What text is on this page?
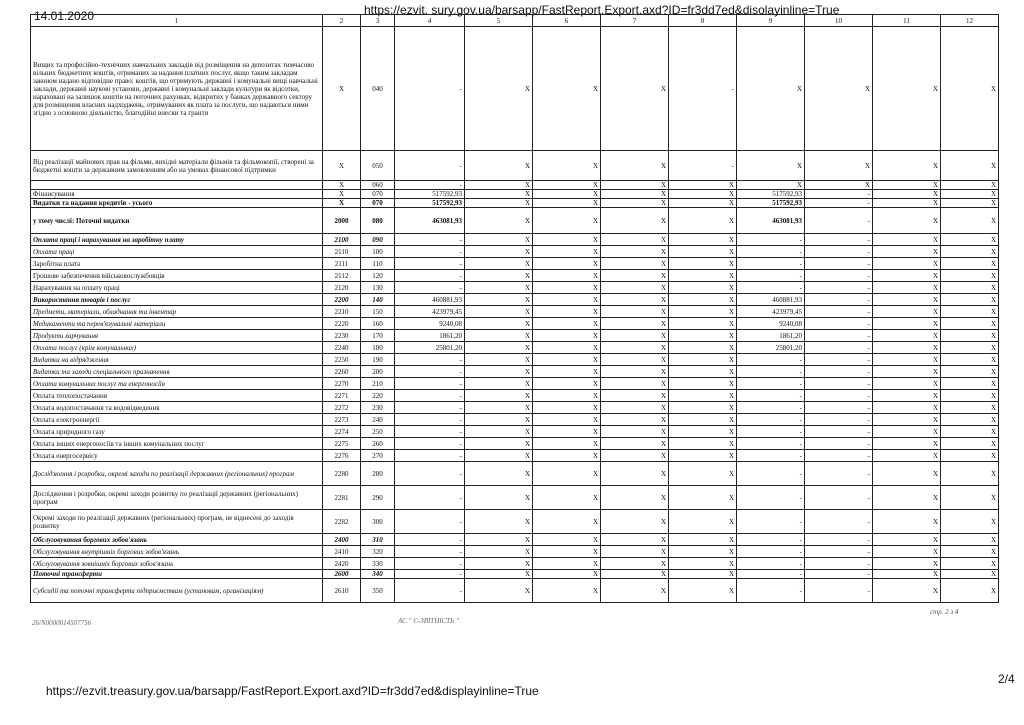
14.01.2020	https://ezvit. sury.gov.ua/barsapp/FastReport.Export.axd?ID=fr3dd7ed&disolayinline=True
1	2	3	4	5	6	7	8	9	10	11	12
Вищих та професійно-технічних навчальних закладів від розміщення на депозитах тимчасово вільних бюджетних коштів, отриманих за надання платних послуг, якщо таким закладам законом надано відповідне право; коштів, що отримують державні і комунальні вищі навчальні заклади, державні наукові установи, державні і комунальні заклади культури як відсотки, нараховані на залишок коштів на поточних рахунках, відкритих у банках державного сектору для розміщення власних надходжень, отримуваних як плата за послуги, що надаються ними згідно з основною діяльністю, благодійні внески та гранти	X	040	-	X	X	X	-	X	X	X	X
Від реалізації майнових прав на фільми, вихідні матеріали фільмів та фільмокопії, створені за бюджетні кошти за державним замовленням або на умовах фінансової підтримки	X	050	-	X	X	X	-	X	X	X	X
	X	060	-	X	X	X	X	X	X	X	X
Фінансування	X	070	517592,93	X	X	X	X	517592,93	-	X	X
Видатки та надання кредитів - усього	X	070	517592,93	X	X	X	X	517592,93	-	X	X
у тому числі: Поточні видатки	2000	080	463081,93	X	X	X	X	463081,93	-	X	X
Оплата праці і нарахування на заробітну плату	2100	090	-	X	X	X	X	-	-	X	X
Оплата праці	2110	100	-	X	X	X	X	-	-	X	X
Заробітна плата	2111	110	-	X	X	X	X	-	-	X	X
Грошове забезпечення військовослужбовців	2112	120	-	X	X	X	X	-	-	X	X
Нарахування на оплату праці	2120	130	-	X	X	X	X	-	-	X	X
Використання товарів і послуг	2200	140	460881,93	X	X	X	X	460881,93	-	X	X
Предмети, матеріали, обладнання та інвентар	2210	150	423979,45	X	X	X	X	423979,45	-	X	X
Медикаменти та перев'язувальні матеріали	2220	160	9240,08	X	X	X	X	9240,08	-	X	X
Продукти харчування	2230	170	1861,20	X	X	X	X	1861,20	-	X	X
Оплата послуг (крім комунальних)	2240	180	25801,20	X	X	X	X	25801,20	-	X	X
Видатки на відрядження	2250	190	-	X	X	X	X	-	-	X	X
Видатки та заходи спеціального призначення	2260	200	-	X	X	X	X	-	-	X	X
Оплата комунальних послуг та енергоносіїв	2270	210	-	X	X	X	X	-	-	X	X
Оплата теплопостачання	2271	220	-	X	X	X	X	-	-	X	X
Оплата водопостачання та водовідведення	2272	230	-	X	X	X	X	-	-	X	X
Оплата електроенергії	2273	240	-	X	X	X	X	-	-	X	X
Оплата природного газу	2274	250	-	X	X	X	X	-	-	X	X
Оплата інших енергоносіїв та інших комунальних послуг	2275	260	-	X	X	X	X	-	-	X	X
Оплата енергосервісу	2276	270	-	X	X	X	X	-	-	X	X
Дослідження і розробки, окремі заходи по реалізації державних (регіональних) програм	2280	280	-	X	X	X	X	-	-	X	X
Дослідження і розробки, окремі заходи розвитку по реалізації державних (регіональних) програм	2281	290	-	X	X	X	X	-	-	X	X
Окремі заходи по реалізації державних (регіональних) програм, не віднесені до заходів розвитку	2282	300	-	X	X	X	X	-	-	X	X
Обслуговування боргових зобов'язань	2400	310	-	X	X	X	X	-	-	X	X
Обслуговування внутрішніх боргових зобов'язань	2410	320	-	X	X	X	X	-	-	X	X
Обслуговування зовнішніх боргових зобов'язань	2420	330	-	X	X	X	X	-	-	X	X
Поточні трансферти	2600	340	-	X	X	X	X	-	-	X	X
Субсидії та поточні трансферти підприємствам (установам, організаціям)	2610	350	-	X	X	X	X	-	-	X	X
26/N0000014507756	АС " Є-ЗВІТНІСТЬ "
стр. 2 з 4
https://ezvit.treasury.gov.ua/barsapp/FastReport.Export.axd?ID=fr3dd7ed&displayinline=True
2/4
